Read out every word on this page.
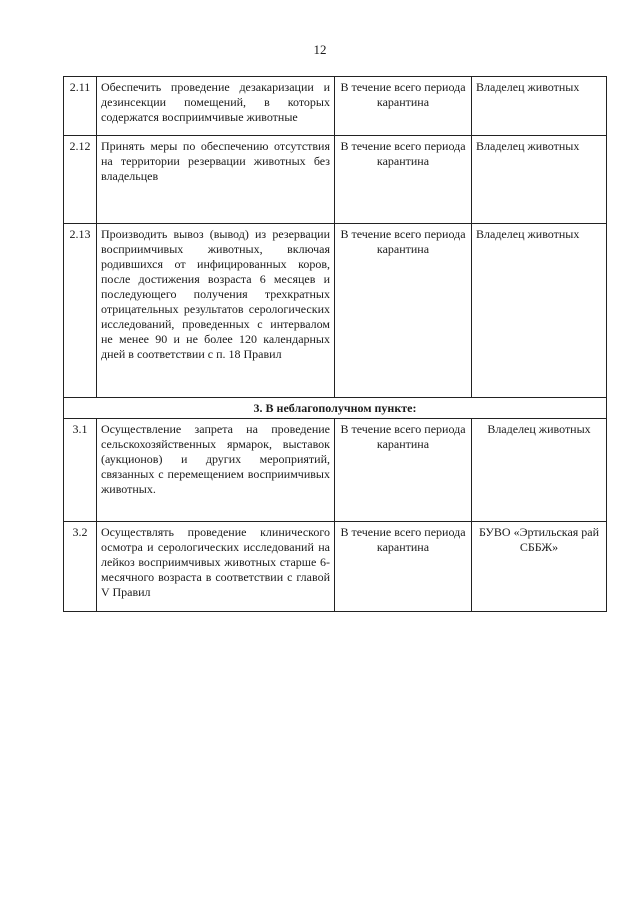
12
2.11	Обеспечить проведение дезакаризации и дезинсекции помещений, в которых содержатся восприимчивые животные	В течение всего периода карантина	Владелец животных
2.12	Принять меры по обеспечению отсутствия на территории резервации животных без владельцев	В течение всего периода карантина	Владелец животных
2.13	Производить вывоз (вывод) из резервации восприимчивых животных, включая родившихся от инфицированных коров, после достижения возраста 6 месяцев и последующего получения трехкратных отрицательных результатов серологических исследований, проведенных с интервалом не менее 90 и не более 120 календарных дней в соответствии с п. 18 Правил	В течение всего периода карантина	Владелец животных
3. В неблагополучном пункте:			
3.1	Осуществление запрета на проведение сельскохозяйственных ярмарок, выставок (аукционов) и других мероприятий, связанных с перемещением восприимчивых животных.	В течение всего периода карантина	Владелец животных
3.2	Осуществлять проведение клинического осмотра и серологических исследований на лейкоз восприимчивых животных старше 6-месячного возраста в соответствии с главой V Правил	В течение всего периода карантина	БУВО «Эртильская рай СББЖ»
